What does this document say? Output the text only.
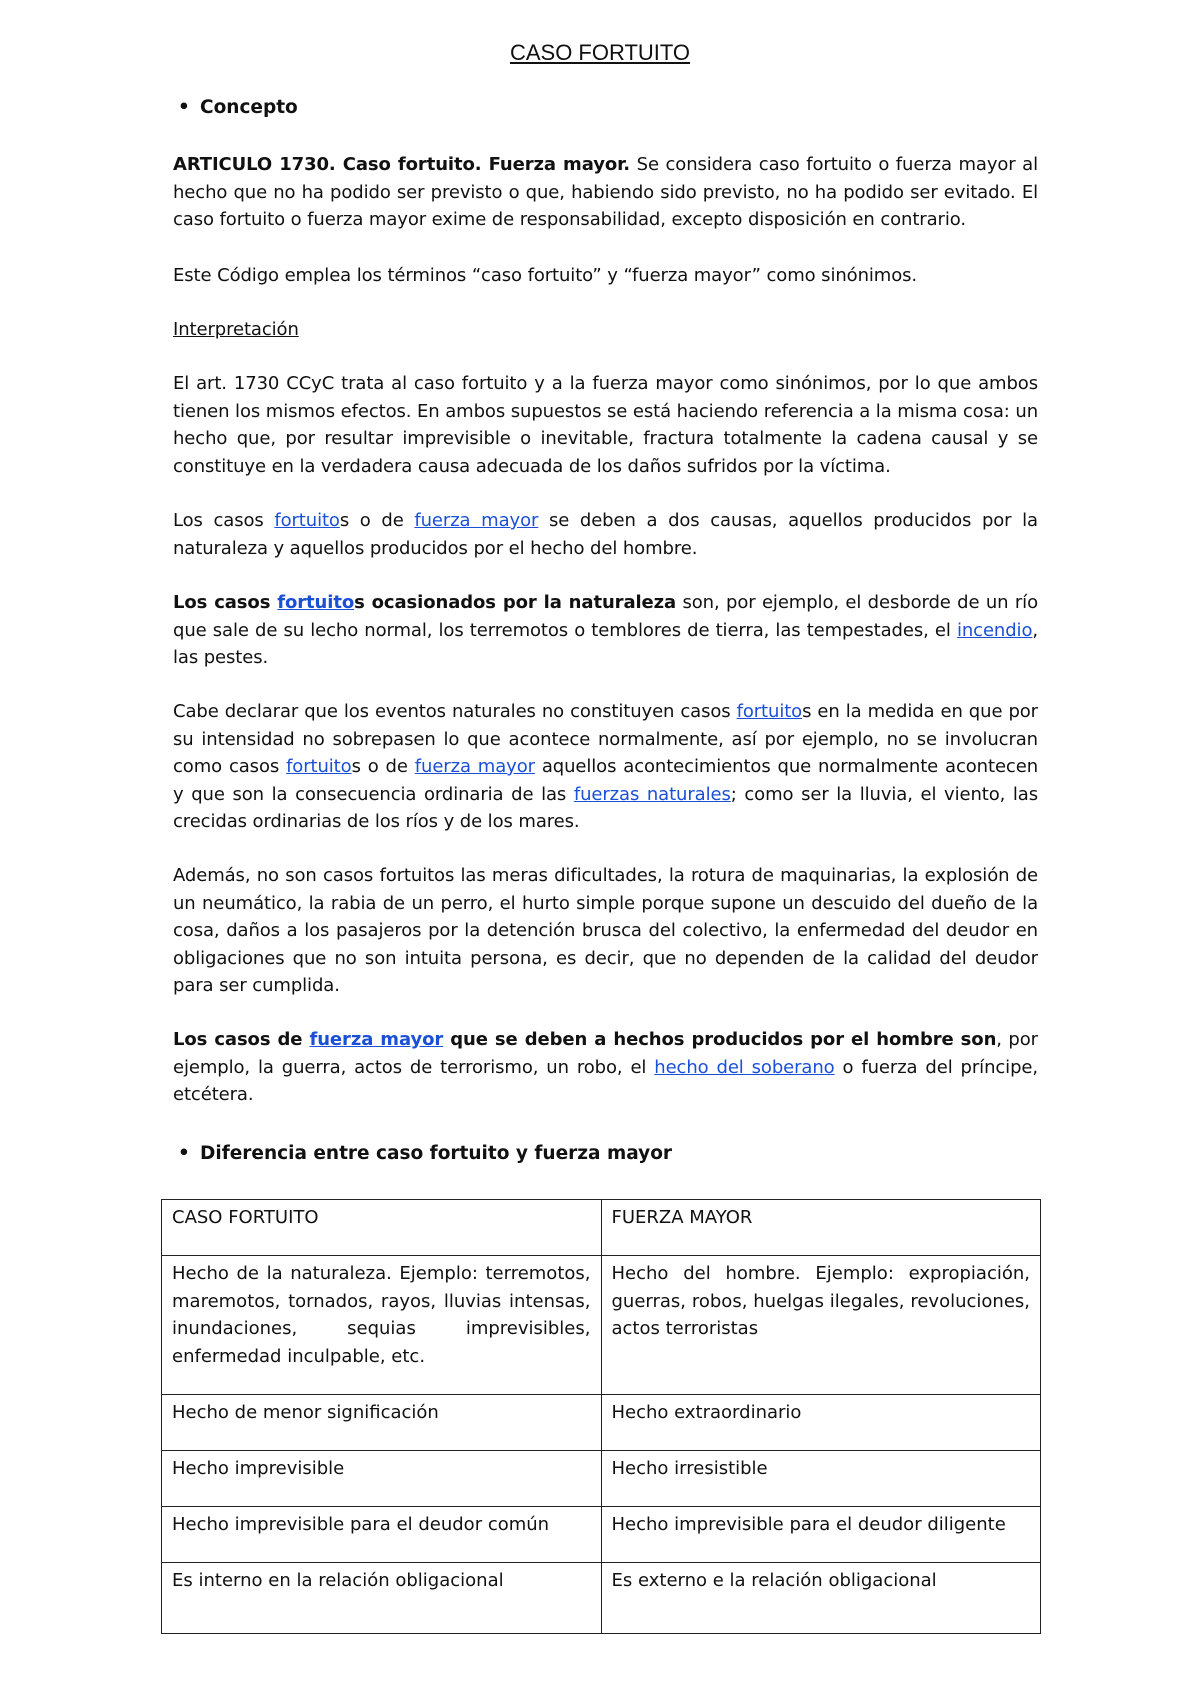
CASO FORTUITO
• Concepto
ARTICULO 1730. Caso fortuito. Fuerza mayor. Se considera caso fortuito o fuerza mayor al hecho que no ha podido ser previsto o que, habiendo sido previsto, no ha podido ser evitado. El caso fortuito o fuerza mayor exime de responsabilidad, excepto disposición en contrario.
Este Código emplea los términos “caso fortuito” y “fuerza mayor” como sinónimos.
Interpretación
El art. 1730 CCyC trata al caso fortuito y a la fuerza mayor como sinónimos, por lo que ambos tienen los mismos efectos. En ambos supuestos se está haciendo referencia a la misma cosa: un hecho que, por resultar imprevisible o inevitable, fractura totalmente la cadena causal y se constituye en la verdadera causa adecuada de los daños sufridos por la víctima.
Los casos fortuitos o de fuerza mayor se deben a dos causas, aquellos producidos por la naturaleza y aquellos producidos por el hecho del hombre.
Los casos fortuitos ocasionados por la naturaleza son, por ejemplo, el desborde de un río que sale de su lecho normal, los terremotos o temblores de tierra, las tempestades, el incendio, las pestes.
Cabe declarar que los eventos naturales no constituyen casos fortuitos en la medida en que por su intensidad no sobrepasen lo que acontece normalmente, así por ejemplo, no se involucran como casos fortuitos o de fuerza mayor aquellos acontecimientos que normalmente acontecen y que son la consecuencia ordinaria de las fuerzas naturales; como ser la lluvia, el viento, las crecidas ordinarias de los ríos y de los mares.
Además, no son casos fortuitos las meras dificultades, la rotura de maquinarias, la explosión de un neumático, la rabia de un perro, el hurto simple porque supone un descuido del dueño de la cosa, daños a los pasajeros por la detención brusca del colectivo, la enfermedad del deudor en obligaciones que no son intuita persona, es decir, que no dependen de la calidad del deudor para ser cumplida.
Los casos de fuerza mayor que se deben a hechos producidos por el hombre son, por ejemplo, la guerra, actos de terrorismo, un robo, el hecho del soberano o fuerza del príncipe, etcétera.
• Diferencia entre caso fortuito y fuerza mayor
CASO FORTUITO	FUERZA MAYOR
Hecho de la naturaleza. Ejemplo: terremotos, maremotos, tornados, rayos, lluvias intensas, inundaciones, sequias imprevisibles, enfermedad inculpable, etc.	Hecho del hombre. Ejemplo: expropiación, guerras, robos, huelgas ilegales, revoluciones, actos terroristas
Hecho de menor significación	Hecho extraordinario
Hecho imprevisible	Hecho irresistible
Hecho imprevisible para el deudor común	Hecho imprevisible para el deudor diligente
Es interno en la relación obligacional	Es externo e la relación obligacional
